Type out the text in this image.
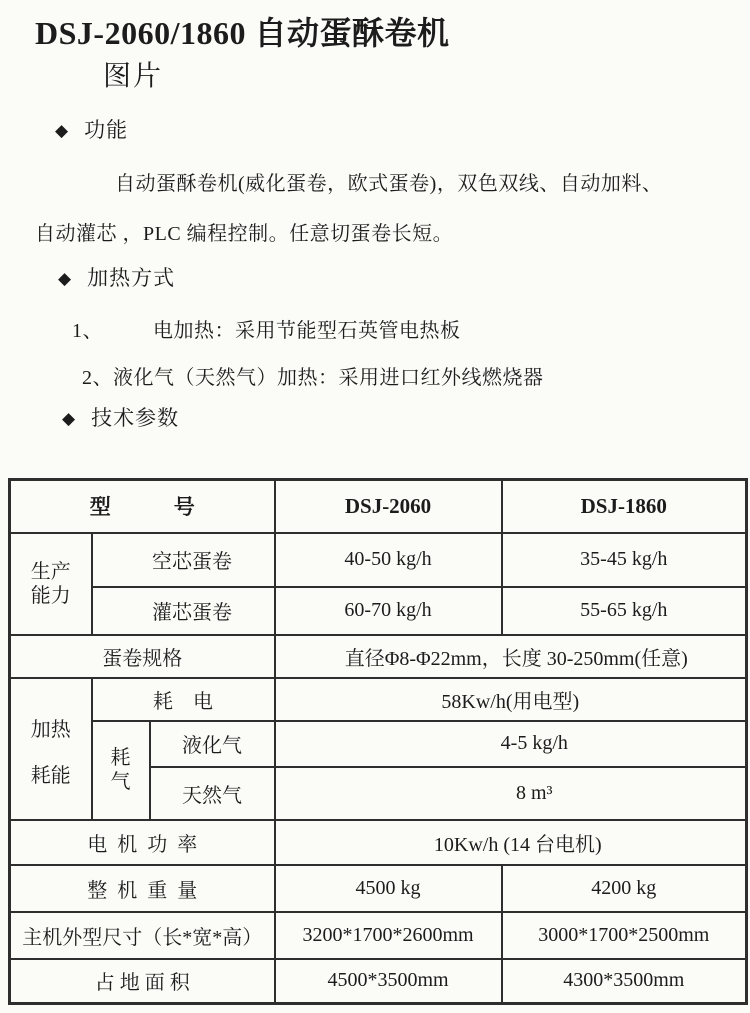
DSJ-2060/1860 自动蛋酥卷机
图片
◆ 功能
自动蛋酥卷机(威化蛋卷，欧式蛋卷)，双色双线、自动加料、
自动灌芯 ，PLC 编程控制。任意切蛋卷长短。
◆ 加热方式
1、	电加热：采用节能型石英管电热板
2、液化气（天然气）加热：采用进口红外线燃烧器
◆ 技术参数
型　　　号			DSJ-2060	DSJ-1860

生产
能力	空芯蛋卷		40-50 kg/h	35-45 kg/h
	灌芯蛋卷		60-70 kg/h	55-65 kg/h
蛋卷规格			直径Φ8-Φ22mm，长度 30-250mm(任意)	

加热
耗能	耗　电		58Kw/h(用电型)	

	耗
气	液化气	4-5 kg/h	
		天然气	8 m³	
电  机  功  率			10Kw/h (14 台电机)	
整  机  重  量			4500 kg	4200 kg
主机外型尺寸（长*宽*高）			3200*1700*2600mm	3000*1700*2500mm
占 地 面 积			4500*3500mm	4300*3500mm
